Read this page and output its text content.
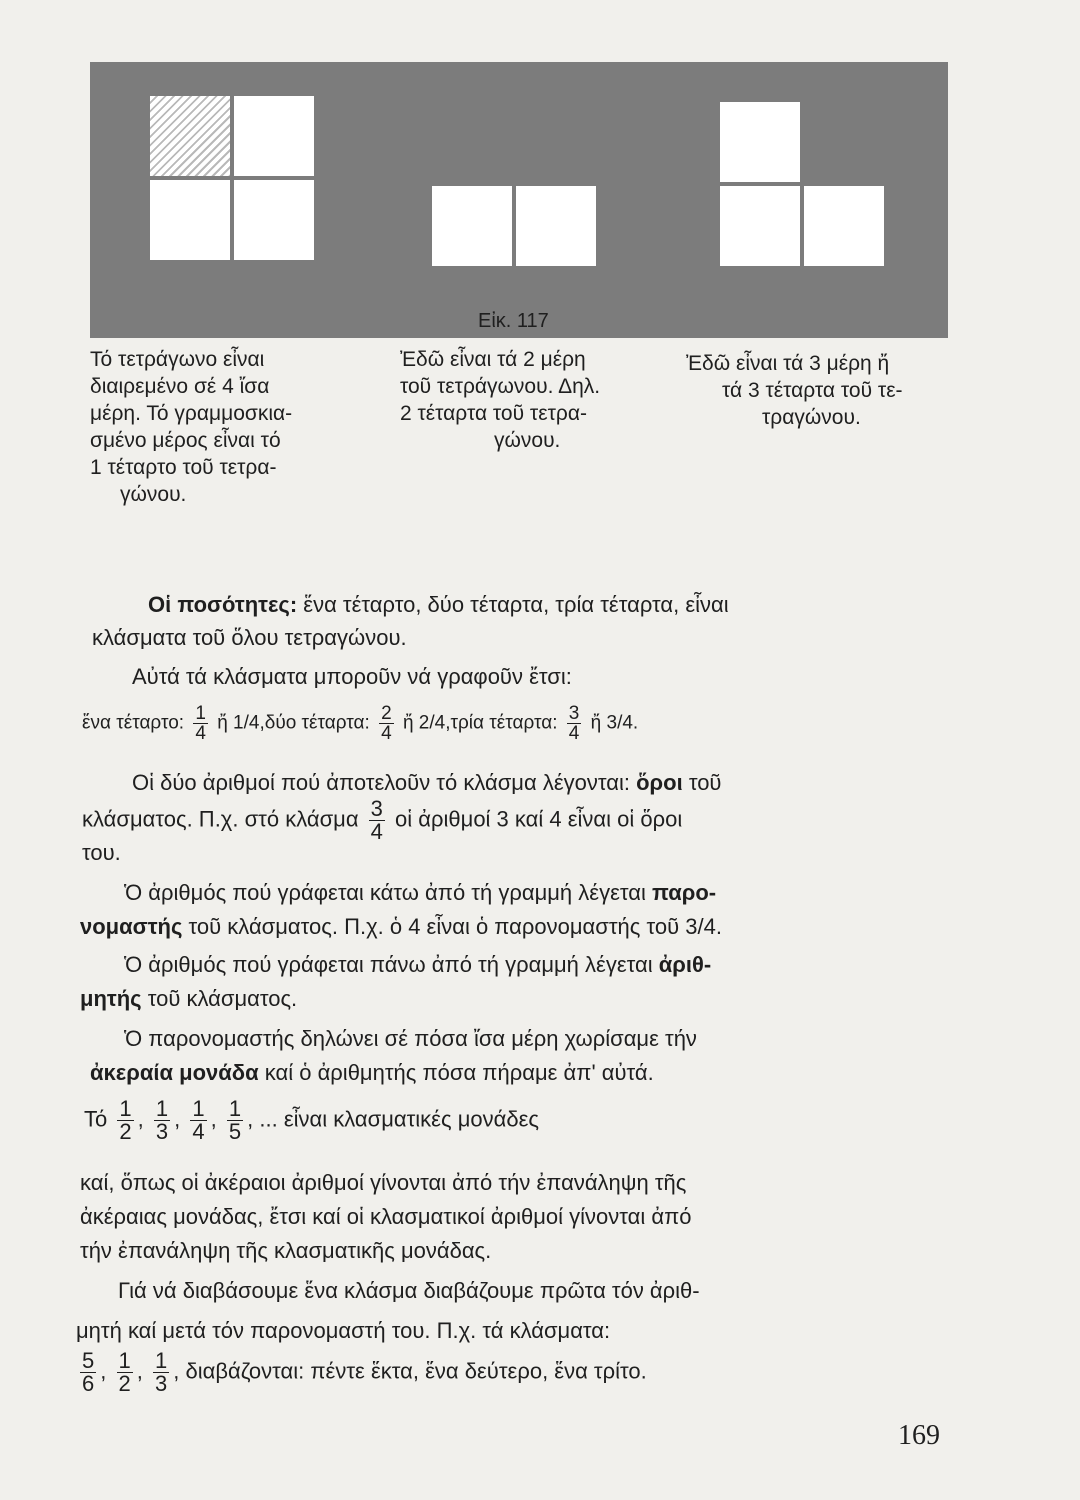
Εἰκ. 117
Τό τετράγωνο εἶναι
διαιρεμένο σέ 4 ἴσα
μέρη. Τό γραμμοσκια-
σμένο μέρος εἶναι τό
1 τέταρτο τοῦ τετρα-
γώνου.
Ἐδῶ εἶναι τά 2 μέρη
τοῦ τετράγωνου. Δηλ.
2 τέταρτα τοῦ τετρα-
γώνου.
Ἐδῶ εἶναι τά 3 μέρη ἤ
τά 3 τέταρτα τοῦ τε-
τραγώνου.
Οἱ ποσότητες: ἕνα τέταρτο, δύο τέταρτα, τρία τέταρτα, εἶναι
κλάσματα τοῦ ὅλου τετραγώνου.
Αὐτά τά κλάσματα μποροῦν νά γραφοῦν ἔτσι:
ἕνα τέταρτο: $\frac{1}{4}$ ἤ 1/4,δύο τέταρτα: $\frac{2}{4}$ ἤ 2/4,τρία τέταρτα: $\frac{3}{4}$ ἤ 3/4.
Οἱ δύο ἀριθμοί πού ἀποτελοῦν τό κλάσμα λέγονται: ὅροι τοῦ
κλάσματος. Π.χ. στό κλάσμα $\frac{3}{4}$ οἱ ἀριθμοί 3 καί 4 εἶναι οἱ ὅροι
του.
Ὁ ἀριθμός πού γράφεται κάτω ἀπό τή γραμμή λέγεται παρο-
νομαστής τοῦ κλάσματος. Π.χ. ὁ 4 εἶναι ὁ παρονομαστής τοῦ 3/4.
Ὁ ἀριθμός πού γράφεται πάνω ἀπό τή γραμμή λέγεται ἀριθ-
μητής τοῦ κλάσματος.
Ὁ παρονομαστής δηλώνει σέ πόσα ἴσα μέρη χωρίσαμε τήν
ἀκεραία μονάδα καί ὁ ἀριθμητής πόσα πήραμε ἀπ' αὐτά.
Τό $\frac{1}{2}$ , $\frac{1}{3}$ , $\frac{1}{4}$ , $\frac{1}{5}$ , ... εἶναι κλασματικές μονάδες
καί, ὅπως οἱ ἀκέραιοι ἀριθμοί γίνονται ἀπό τήν ἐπανάληψη τῆς
ἀκέραιας μονάδας, ἔτσι καί οἱ κλασματικοί ἀριθμοί γίνονται ἀπό
τήν ἐπανάληψη τῆς κλασματικῆς μονάδας.
Γιά νά διαβάσουμε ἕνα κλάσμα διαβάζουμε πρῶτα τόν ἀριθ-
μητή καί μετά τόν παρονομαστή του. Π.χ. τά κλάσματα:
$\frac{5}{6}$ , $\frac{1}{2}$ , $\frac{1}{3}$ , διαβάζονται: πέντε ἕκτα, ἕνα δεύτερο, ἕνα τρίτο.
169
